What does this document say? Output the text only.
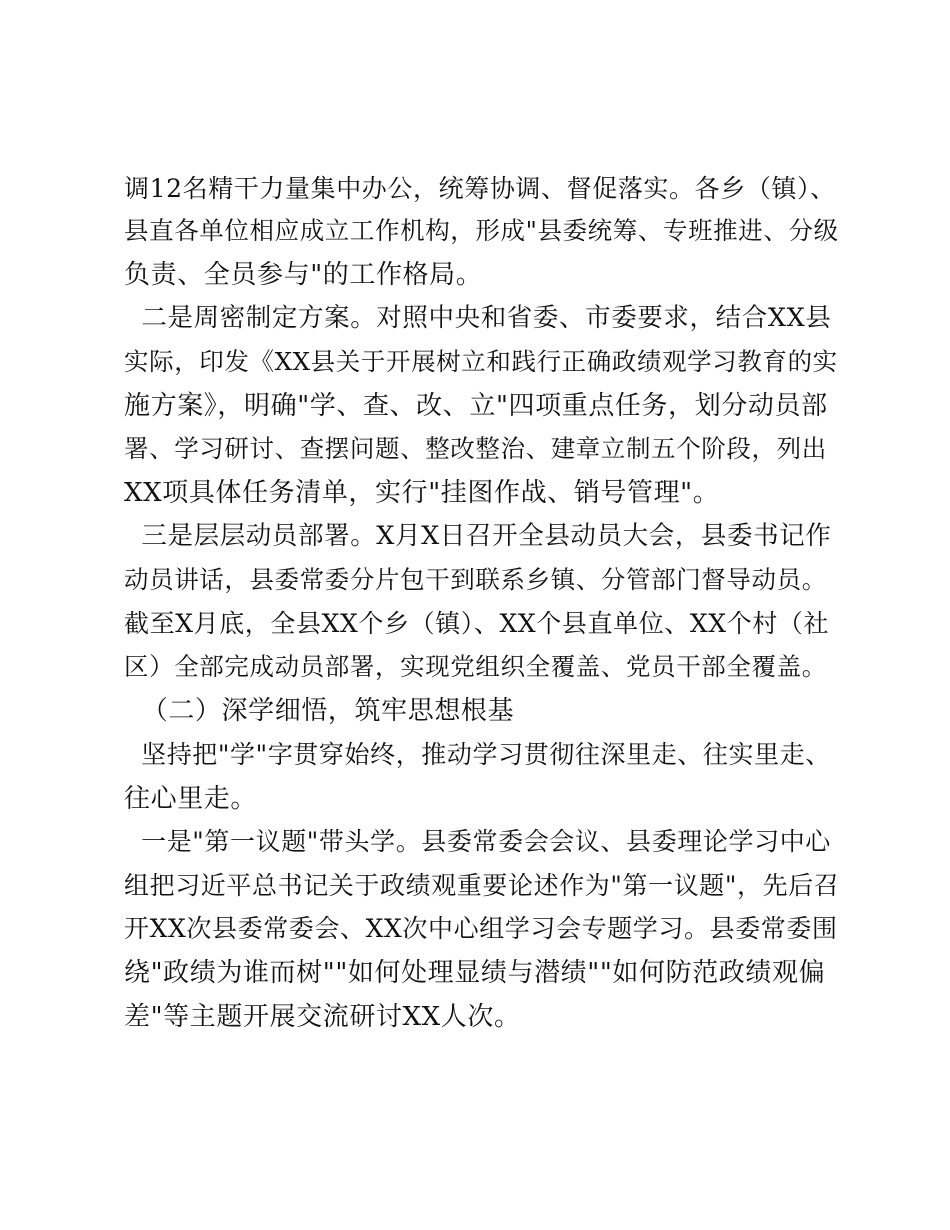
调12名精干力量集中办公，统筹协调、督促落实。各乡（镇）、
县直各单位相应成立工作机构，形成"县委统筹、专班推进、分级
负责、全员参与"的工作格局。
二是周密制定方案。对照中央和省委、市委要求，结合XX县
实际，印发《XX县关于开展树立和践行正确政绩观学习教育的实
施方案》，明确"学、查、改、立"四项重点任务，划分动员部
署、学习研讨、查摆问题、整改整治、建章立制五个阶段，列出
XX项具体任务清单，实行"挂图作战、销号管理"。
三是层层动员部署。X月X日召开全县动员大会，县委书记作
动员讲话，县委常委分片包干到联系乡镇、分管部门督导动员。
截至X月底，全县XX个乡（镇）、XX个县直单位、XX个村（社
区）全部完成动员部署，实现党组织全覆盖、党员干部全覆盖。
（二）深学细悟，筑牢思想根基
坚持把"学"字贯穿始终，推动学习贯彻往深里走、往实里走、
往心里走。
一是"第一议题"带头学。县委常委会会议、县委理论学习中心
组把习近平总书记关于政绩观重要论述作为"第一议题"，先后召
开XX次县委常委会、XX次中心组学习会专题学习。县委常委围
绕"政绩为谁而树""如何处理显绩与潜绩""如何防范政绩观偏
差"等主题开展交流研讨XX人次。
